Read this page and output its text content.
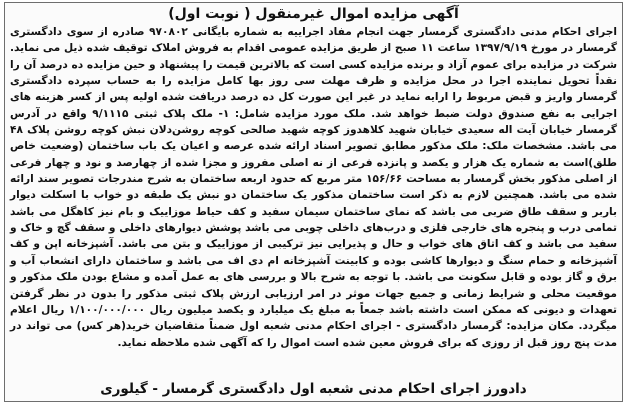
آگهی مزایده اموال غیرمنقول ( نوبت اول)

اجرای احکام مدنی دادگستری گرمسار جهت انجام مفاد اجراییه به شماره بایگانی ۹۷۰۸۰۲ صادره از سوی دادگستری گرمسار در مورخ ۱۳۹۷/۹/۱۹ ساعت ۱۱ صبح از طریق مزایده عمومی اقدام به فروش املاک توقیف شده ذیل می نماید. شرکت در مزایده برای عموم آزاد و برنده مزایده کسی است که بالاترین قیمت را پیشنهاد و حین مزایده ده درصد آن را نقداً تحویل نماینده اجرا در محل مزایده و ظرف مهلت سی روز بها کامل مزایده را به حساب سپرده دادگستری گرمسار واریز و قبض مربوط را ارایه نماید در غیر این صورت کل ده درصد دریافت شده اولیه پس از کسر هزینه های اجرایی به نفع صندوق دولت ضبط خواهد شد. ملک مورد مزایده شامل: ۱- ملک پلاک ثبتی ۹/۱۱۱۵ واقع در آدرس گرمسار خیابان آیت اله سعیدی خیابان شهید کلاهدوز کوچه شهید صالحی کوچه روشن‌دلان نبش کوچه روشن پلاک ۴۸ می باشد. مشخصات ملک: ملک مذکور مطابق تصویر اسناد ارائه شده عرصه و اعیان یک باب ساختمان (وضعیت خاص طلق)است به شماره یک هزار و یکصد و پانزده فرعی از نه اصلی مفروز و مجزا شده از چهارصد و نود و چهار فرعی از اصلی مذکور بخش گرمسار به مساحت ۱۵۶/۶۶ متر مربع که حدود اربعه ساختمان به شرح مندرجات تصویر سند ارائه شده می باشد. همچنین لازم به ذکر است ساختمان مذکور یک ساختمان دو نبش یک طبقه دو خواب با اسکلت دیوار باربر و سقف طاق ضربی می باشد که نمای ساختمان سیمان سفید و کف حیاط موزاییک و بام نیز کاهگل می باشد تمامی درب و پنجره های خارجی فلزی و درب‌های داخلی چوبی می باشد پوشش دیوارهای داخلی و سقف گچ و خاک و سفید می باشد و کف اتاق های خواب و حال و پذیرایی نیز ترکیبی از موزاییک و بتن می باشد. آشپزخانه اپن و کف آشپزخانه و حمام سنگ و دیوارها کاشی بوده و کابینت آشپزخانه ام دی اف می باشد و ساختمان دارای انشعاب آب و برق و گاز بوده و قابل سکونت می باشد. با توجه به شرح بالا و بررسی های به عمل آمده و مشاع بودن ملک مذکور و موقعیت محلی و شرایط زمانی و جمیع جهات موثر در امر ارزیابی ارزش پلاک ثبتی مذکور را بدون در نظر گرفتن تعهدات و دیونی که ممکن است داشته باشد جمعاً به مبلغ یک میلیارد و یکصد میلیون ریال ۱/۱۰۰/۰۰۰/۰۰۰ ریال اعلام میگردد. مکان مزایده: گرمسار دادگستری - اجرای احکام مدنی شعبه اول ضمناً متقاضیان خرید(هر کس) می تواند در مدت پنج روز قبل از روزی که برای فروش معین شده است اموال را که آگهی شده ملاحظه نماید.

دادورز اجرای احکام مدنی شعبه اول دادگستری گرمسار - گیلوری
